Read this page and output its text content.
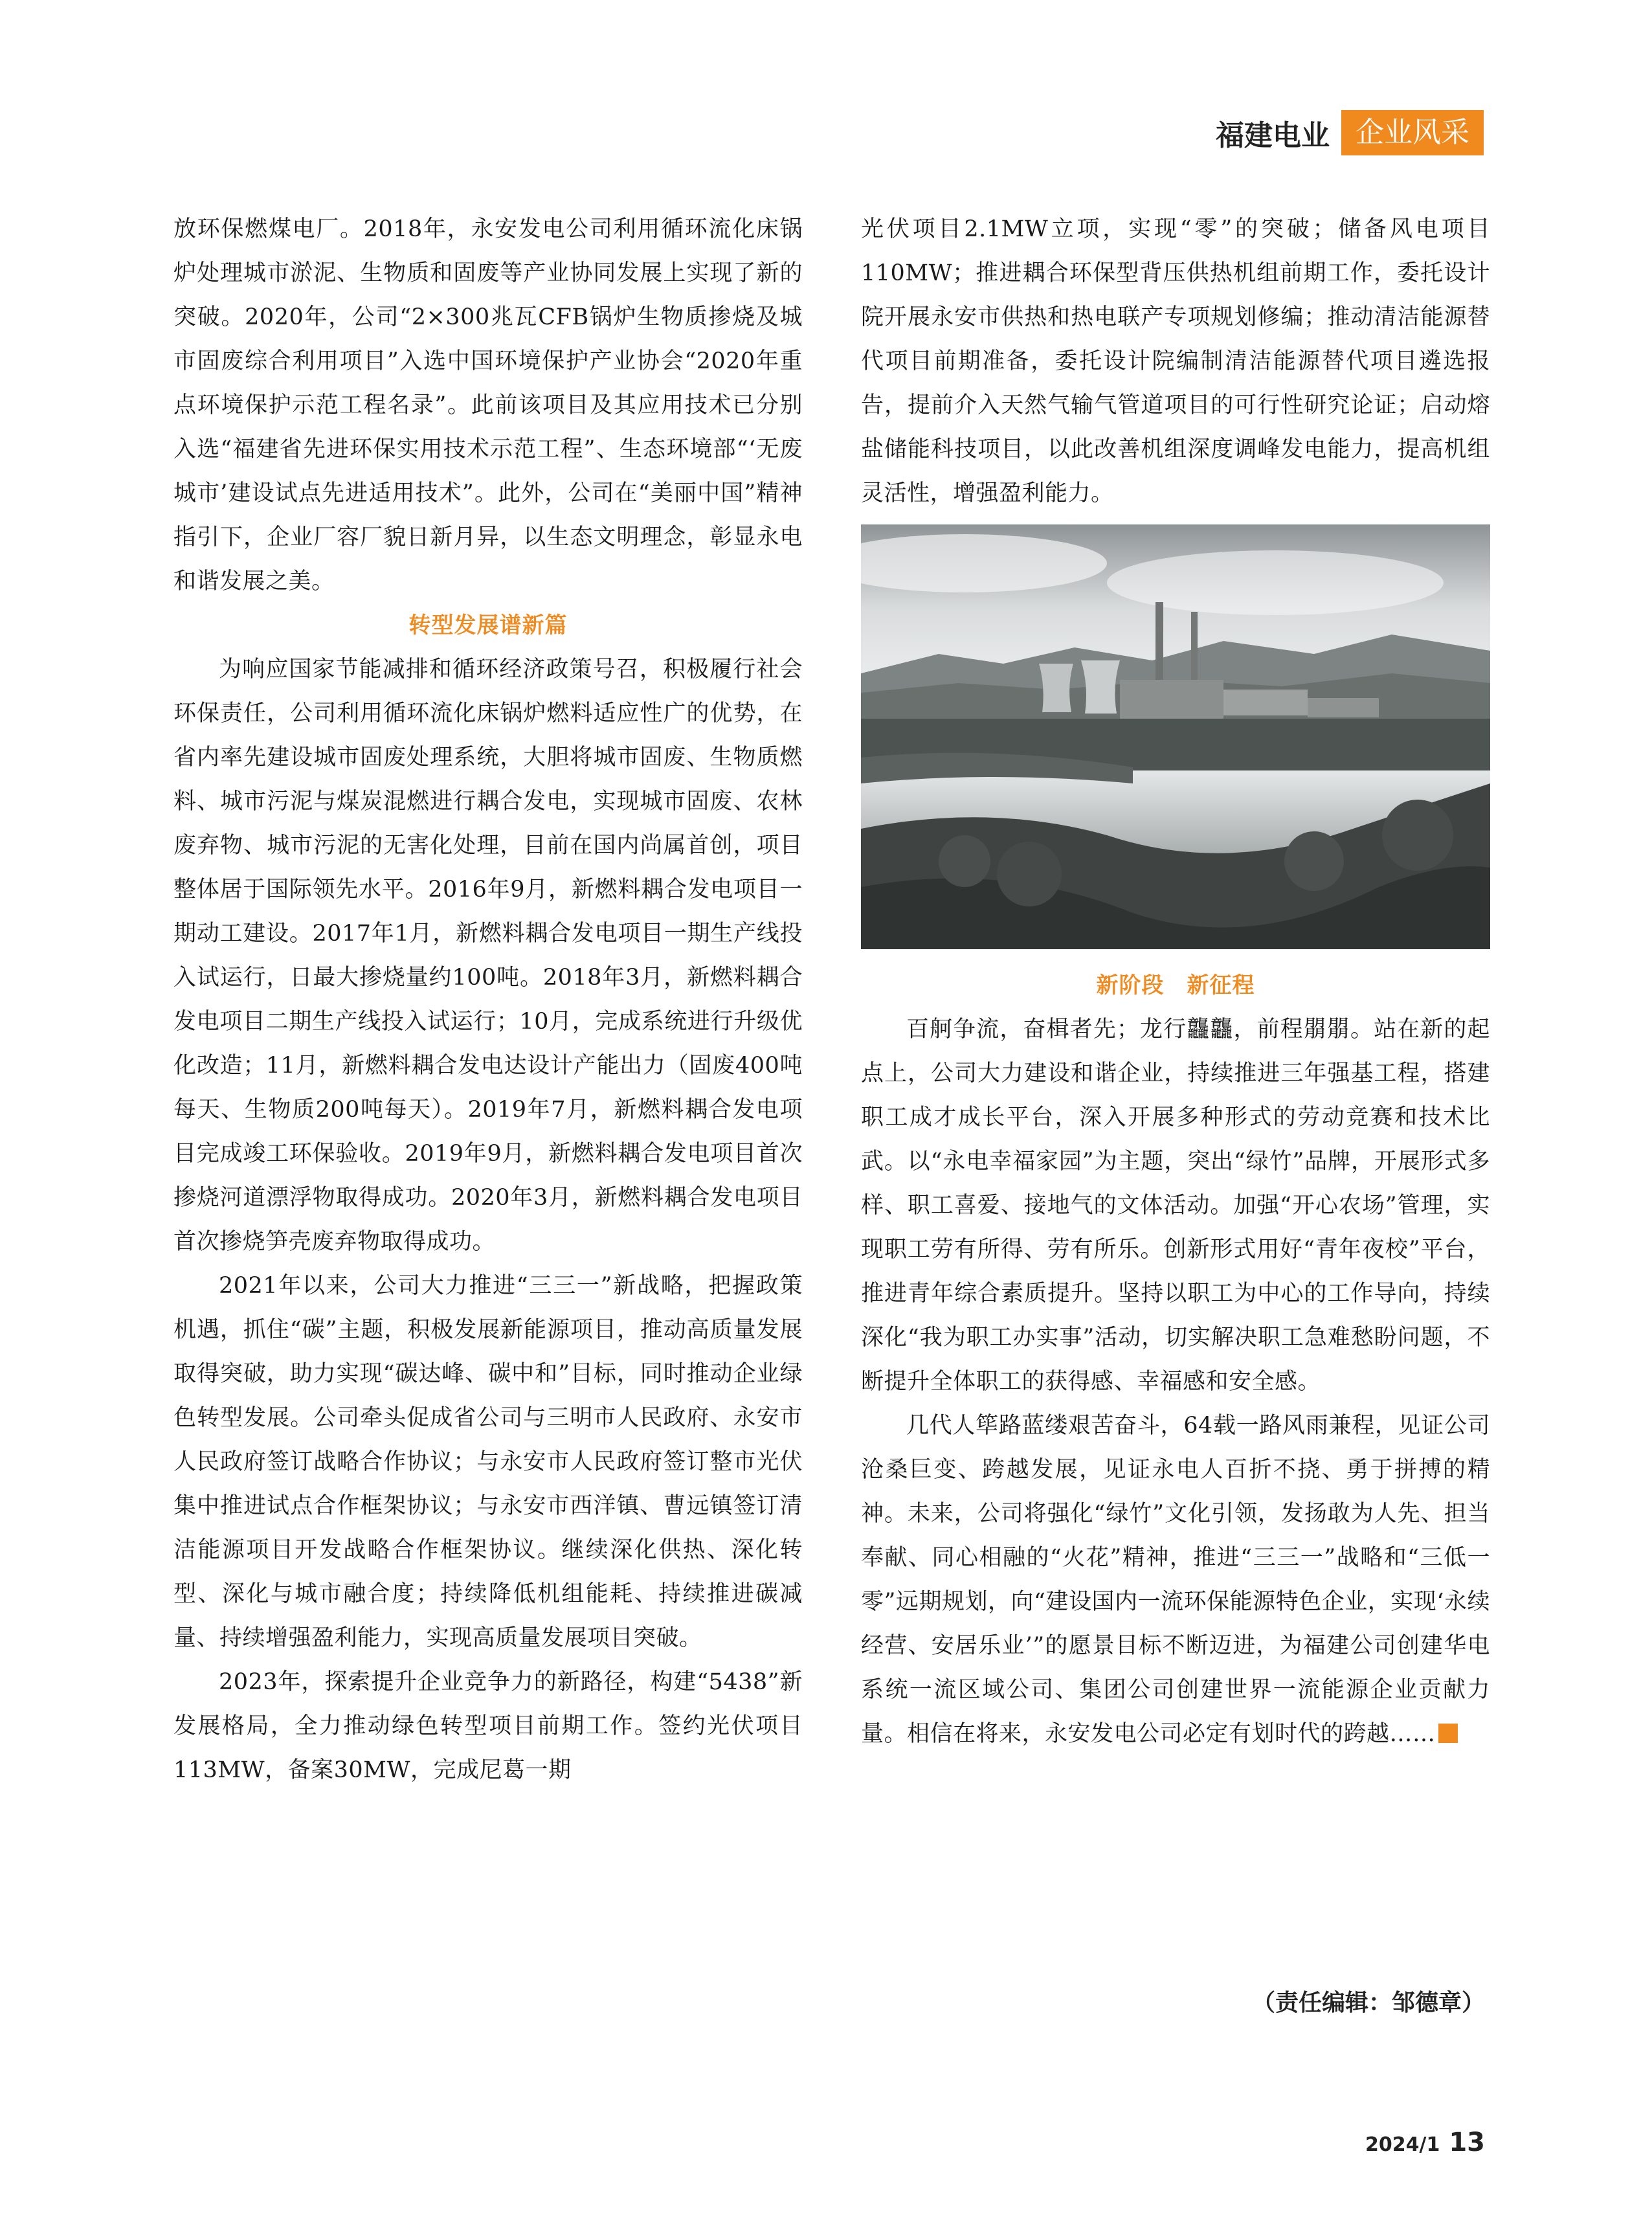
福建电业 企业风采

放环保燃煤电厂。2018年，永安发电公司利用循环流化床锅炉处理城市淤泥、生物质和固废等产业协同发展上实现了新的突破。2020年，公司“2×300兆瓦CFB锅炉生物质掺烧及城市固废综合利用项目”入选中国环境保护产业协会“2020年重点环境保护示范工程名录”。此前该项目及其应用技术已分别入选“福建省先进环保实用技术示范工程”、生态环境部“‘无废城市’建设试点先进适用技术”。此外，公司在“美丽中国”精神指引下，企业厂容厂貌日新月异，以生态文明理念，彰显永电和谐发展之美。

转型发展谱新篇

为响应国家节能减排和循环经济政策号召，积极履行社会环保责任，公司利用循环流化床锅炉燃料适应性广的优势，在省内率先建设城市固废处理系统，大胆将城市固废、生物质燃料、城市污泥与煤炭混燃进行耦合发电，实现城市固废、农林废弃物、城市污泥的无害化处理，目前在国内尚属首创，项目整体居于国际领先水平。2016年9月，新燃料耦合发电项目一期动工建设。2017年1月，新燃料耦合发电项目一期生产线投入试运行，日最大掺烧量约100吨。2018年3月，新燃料耦合发电项目二期生产线投入试运行；10月，完成系统进行升级优化改造；11月，新燃料耦合发电达设计产能出力（固废400吨每天、生物质200吨每天）。2019年7月，新燃料耦合发电项目完成竣工环保验收。2019年9月，新燃料耦合发电项目首次掺烧河道漂浮物取得成功。2020年3月，新燃料耦合发电项目首次掺烧笋壳废弃物取得成功。

2021年以来，公司大力推进“三三一”新战略，把握政策机遇，抓住“碳”主题，积极发展新能源项目，推动高质量发展取得突破，助力实现“碳达峰、碳中和”目标，同时推动企业绿色转型发展。公司牵头促成省公司与三明市人民政府、永安市人民政府签订战略合作协议；与永安市人民政府签订整市光伏集中推进试点合作框架协议；与永安市西洋镇、曹远镇签订清洁能源项目开发战略合作框架协议。继续深化供热、深化转型、深化与城市融合度；持续降低机组能耗、持续推进碳减量、持续增强盈利能力，实现高质量发展项目突破。

2023年，探索提升企业竞争力的新路径，构建“5438”新发展格局，全力推动绿色转型项目前期工作。签约光伏项目113MW，备案30MW，完成尼葛一期

光伏项目2.1MW立项，实现“零”的突破；储备风电项目110MW；推进耦合环保型背压供热机组前期工作，委托设计院开展永安市供热和热电联产专项规划修编；推动清洁能源替代项目前期准备，委托设计院编制清洁能源替代项目遴选报告，提前介入天然气输气管道项目的可行性研究论证；启动熔盐储能科技项目，以此改善机组深度调峰发电能力，提高机组灵活性，增强盈利能力。

新阶段　新征程

百舸争流，奋楫者先；龙行龘龘，前程朤朤。站在新的起点上，公司大力建设和谐企业，持续推进三年强基工程，搭建职工成才成长平台，深入开展多种形式的劳动竞赛和技术比武。以“永电幸福家园”为主题，突出“绿竹”品牌，开展形式多样、职工喜爱、接地气的文体活动。加强“开心农场”管理，实现职工劳有所得、劳有所乐。创新形式用好“青年夜校”平台，推进青年综合素质提升。坚持以职工为中心的工作导向，持续深化“我为职工办实事”活动，切实解决职工急难愁盼问题，不断提升全体职工的获得感、幸福感和安全感。

几代人筚路蓝缕艰苦奋斗，64载一路风雨兼程，见证公司沧桑巨变、跨越发展，见证永电人百折不挠、勇于拼搏的精神。未来，公司将强化“绿竹”文化引领，发扬敢为人先、担当奉献、同心相融的“火花”精神，推进“三三一”战略和“三低一零”远期规划，向“建设国内一流环保能源特色企业，实现‘永续经营、安居乐业’”的愿景目标不断迈进，为福建公司创建华电系统一流区域公司、集团公司创建世界一流能源企业贡献力量。相信在将来，永安发电公司必定有划时代的跨越……

（责任编辑：邹德章）
2024/1 13
